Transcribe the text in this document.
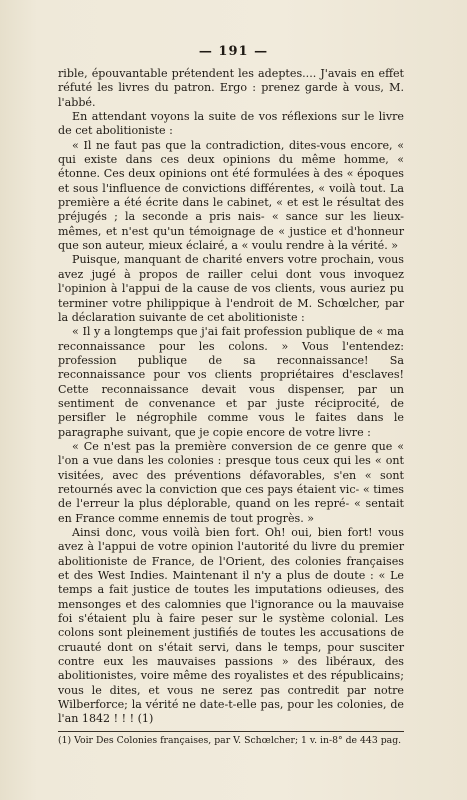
— 191 —

rible, épouvantable prétendent les adeptes.... J'avais en effet réfuté les livres du patron. Ergo : prenez garde à vous, M. l'abbé.

En attendant voyons la suite de vos réflexions sur le livre de cet abolitioniste :

« Il ne faut pas que la contradiction, dites-vous encore, « qui existe dans ces deux opinions du même homme, « étonne. Ces deux opinions ont été formulées à des « époques et sous l'influence de convictions différentes, « voilà tout. La première a été écrite dans le cabinet, « et est le résultat des préjugés ; la seconde a pris nais- « sance sur les lieux-mêmes, et n'est qu'un témoignage de « justice et d'honneur que son auteur, mieux éclairé, a « voulu rendre à la vérité. »

Puisque, manquant de charité envers votre prochain, vous avez jugé à propos de railler celui dont vous invoquez l'opinion à l'appui de la cause de vos clients, vous auriez pu terminer votre philippique à l'endroit de M. Schœlcher, par la déclaration suivante de cet abolitioniste :

« Il y a longtemps que j'ai fait profession publique de « ma reconnaissance pour les colons. » Vous l'entendez: profession publique de sa reconnaissance! Sa reconnaissance pour vos clients propriétaires d'esclaves! Cette reconnaissance devait vous dispenser, par un sentiment de convenance et par juste réciprocité, de persifler le négrophile comme vous le faites dans le paragraphe suivant, que je copie encore de votre livre :

« Ce n'est pas la première conversion de ce genre que « l'on a vue dans les colonies : presque tous ceux qui les « ont visitées, avec des préventions défavorables, s'en « sont retournés avec la conviction que ces pays étaient vic- « times de l'erreur la plus déplorable, quand on les repré- « sentait en France comme ennemis de tout progrès. »

Ainsi donc, vous voilà bien fort. Oh! oui, bien fort! vous avez à l'appui de votre opinion l'autorité du livre du premier abolitioniste de France, de l'Orient, des colonies françaises et des West Indies. Maintenant il n'y a plus de doute : « Le temps a fait justice de toutes les imputations odieuses, des mensonges et des calomnies que l'ignorance ou la mauvaise foi s'étaient plu à faire peser sur le système colonial. Les colons sont pleinement justifiés de toutes les accusations de cruauté dont on s'était servi, dans le temps, pour susciter contre eux les mauvaises passions » des libéraux, des abolitionistes, voire même des royalistes et des républicains; vous le dites, et vous ne serez pas contredit par notre Wilberforce; la vérité ne date-t-elle pas, pour les colonies, de l'an 1842 ! ! ! (1)

(1) Voir Des Colonies françaises, par V. Schœlcher; 1 v. in-8° de 443 pag.
